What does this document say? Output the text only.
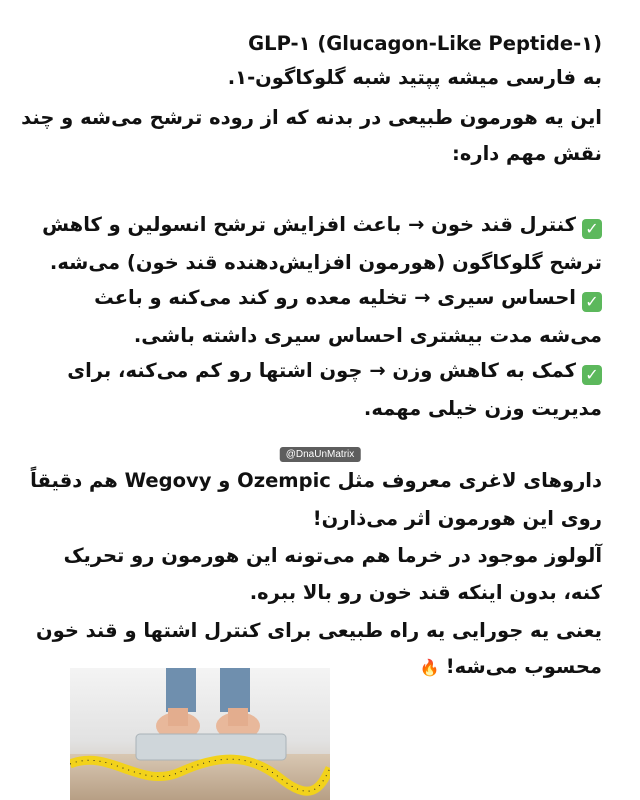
GLP-۱ (Glucagon-Like Peptide-۱)
به فارسی میشه پپتید شبه گلوکاگون-۱.
این یه هورمون طبیعی در بدنه که از روده ترشح می‌شه و چند
نقش مهم داره:
✓کنترل قند خون → باعث افزایش ترشح انسولین و کاهش
ترشح گلوکاگون (هورمون افزایش‌دهنده قند خون) می‌شه.
✓احساس سیری → تخلیه معده رو کند می‌کنه و باعث
می‌شه مدت بیشتری احساس سیری داشته باشی.
✓کمک به کاهش وزن → چون اشتها رو کم می‌کنه، برای
مدیریت وزن خیلی مهمه.
@DnaUnMatrix
داروهای لاغری معروف مثل Ozempic و Wegovy هم دقیقاً
روی این هورمون اثر می‌ذارن!
آلولوز موجود در خرما هم می‌تونه این هورمون رو تحریک
کنه، بدون اینکه قند خون رو بالا ببره.
یعنی یه جورایی یه راه طبیعی برای کنترل اشتها و قند خون
محسوب می‌شه!🔥
